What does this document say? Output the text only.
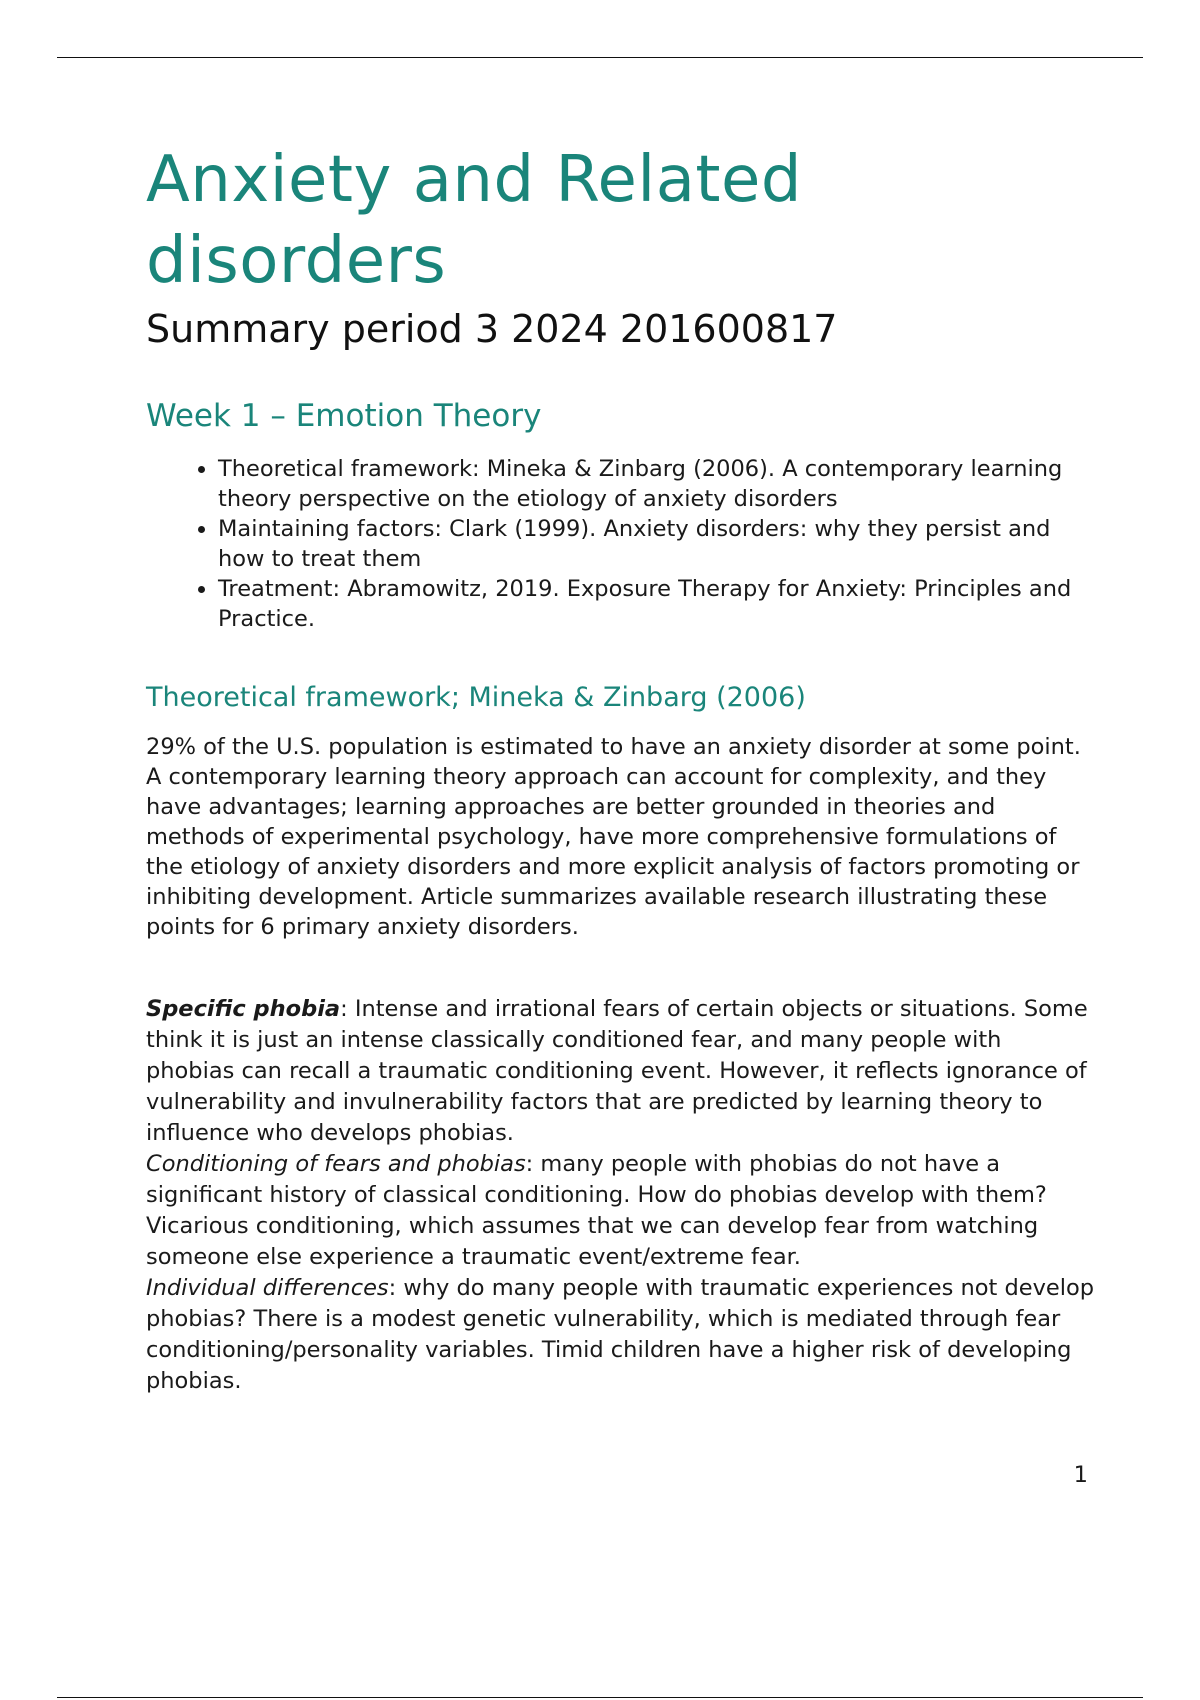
Anxiety and Related disorders
Summary period 3 2024 201600817
Week 1 – Emotion Theory
• Theoretical framework: Mineka & Zinbarg (2006). A contemporary learning theory perspective on the etiology of anxiety disorders
• Maintaining factors: Clark (1999). Anxiety disorders: why they persist and how to treat them
• Treatment: Abramowitz, 2019. Exposure Therapy for Anxiety: Principles and Practice.
Theoretical framework; Mineka & Zinbarg (2006)

29% of the U.S. population is estimated to have an anxiety disorder at some point. A contemporary learning theory approach can account for complexity, and they have advantages; learning approaches are better grounded in theories and methods of experimental psychology, have more comprehensive formulations of the etiology of anxiety disorders and more explicit analysis of factors promoting or inhibiting development. Article summarizes available research illustrating these points for 6 primary anxiety disorders.

Specific phobia: Intense and irrational fears of certain objects or situations. Some think it is just an intense classically conditioned fear, and many people with phobias can recall a traumatic conditioning event. However, it reflects ignorance of vulnerability and invulnerability factors that are predicted by learning theory to influence who develops phobias.
Conditioning of fears and phobias: many people with phobias do not have a significant history of classical conditioning. How do phobias develop with them? Vicarious conditioning, which assumes that we can develop fear from watching someone else experience a traumatic event/extreme fear.
Individual differences: why do many people with traumatic experiences not develop phobias? There is a modest genetic vulnerability, which is mediated through fear conditioning/personality variables. Timid children have a higher risk of developing phobias.

1
